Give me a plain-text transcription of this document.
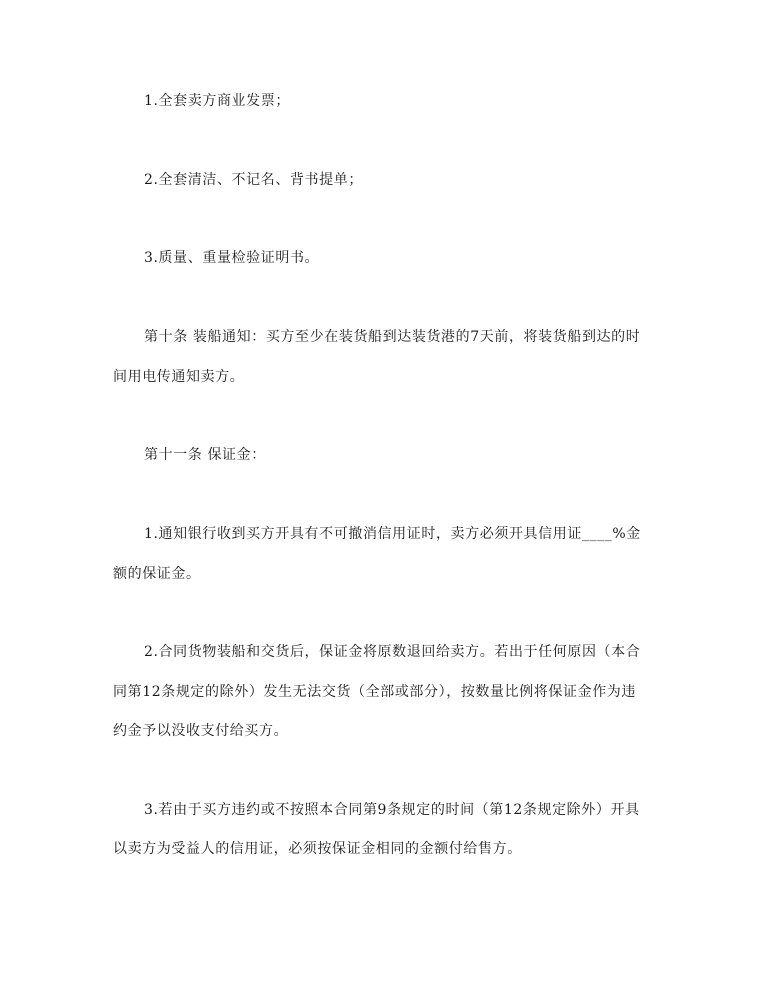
1.全套卖方商业发票；
2.全套清洁、不记名、背书提单；
3.质量、重量检验证明书。
第十条 装船通知：买方至少在装货船到达装货港的7天前，将装货船到达的时
间用电传通知卖方。
第十一条 保证金：
1.通知银行收到买方开具有不可撤消信用证时，卖方必须开具信用证____%金
额的保证金。
2.合同货物装船和交货后，保证金将原数退回给卖方。若出于任何原因（本合
同第12条规定的除外）发生无法交货（全部或部分），按数量比例将保证金作为违
约金予以没收支付给买方。
3.若由于买方违约或不按照本合同第9条规定的时间（第12条规定除外）开具
以卖方为受益人的信用证，必须按保证金相同的金额付给售方。
